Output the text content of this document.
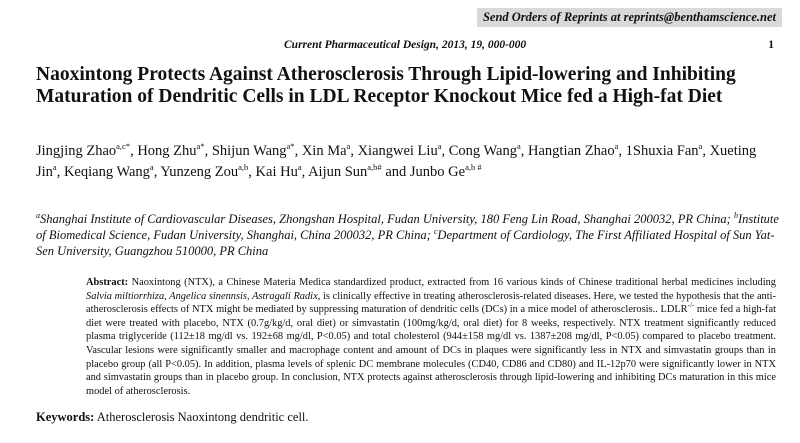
Send Orders of Reprints at reprints@benthamscience.net
Current Pharmaceutical Design, 2013, 19, 000-000	1
Naoxintong Protects Against Atherosclerosis Through Lipid-lowering and Inhibiting Maturation of Dendritic Cells in LDL Receptor Knockout Mice fed a High-fat Diet
Jingjing Zhao$^{a,c*}$, Hong Zhu$^{a*}$, Shijun Wang$^{a*}$, Xin Ma$^a$, Xiangwei Liu$^a$, Cong Wang$^a$, Hangtian Zhao$^a$, 1Shuxia Fan$^a$, Xueting Jin$^a$, Keqiang Wang$^a$, Yunzeng Zou$^{a,b}$, Kai Hu$^a$, Aijun Sun$^{a,b\#}$ and Junbo $Ge^{a,b \#}$
$^a$Shanghai Institute of Cardiovascular Diseases, Zhongshan Hospital, Fudan University, 180 Feng Lin Road, Shanghai 200032, PR China; $^b$Institute of Biomedical Science, Fudan University, Shanghai, China 200032, PR China; $^c$Department of Cardiology, The First Affiliated Hospital of Sun Yat-Sen University, Guangzhou 510000, PR China
Abstract: Naoxintong (NTX), a Chinese Materia Medica standardized product, extracted from 16 various kinds of Chinese traditional herbal medicines including Salvia miltiorrhiza, Angelica sinennsis, Astragali Radix, is clinically effective in treating atherosclerosis-related diseases. Here, we tested the hypothesis that the anti-atherosclerosis effects of NTX might be mediated by suppressing maturation of dendritic cells (DCs) in a mice model of atherosclerosis.. LDLR-/- mice fed a high-fat diet were treated with placebo, NTX (0.7g/kg/d, oral diet) or simvastatin (100mg/kg/d, oral diet) for 8 weeks, respectively. NTX treatment significantly reduced plasma triglyceride (112±18 mg/dl vs. 192±68 mg/dl, P<0.05) and total cholesterol (944±158 mg/dl vs. 1387±208 mg/dl, P<0.05) compared to placebo treatment. Vascular lesions were significantly smaller and macrophage content and amount of DCs in plaques were significantly less in NTX and simvastatin groups than in placebo group (all P<0.05). In addition, plasma levels of splenic DC membrane molecules (CD40, CD86 and CD80) and IL-12p70 were significantly lower in NTX and simvastatin groups than in placebo group. In conclusion, NTX protects against atherosclerosis through lipid-lowering and inhibiting DCs maturation in this mice model of atherosclerosis.
Keywords: Atherosclerosis Naoxintong dendritic cell.
